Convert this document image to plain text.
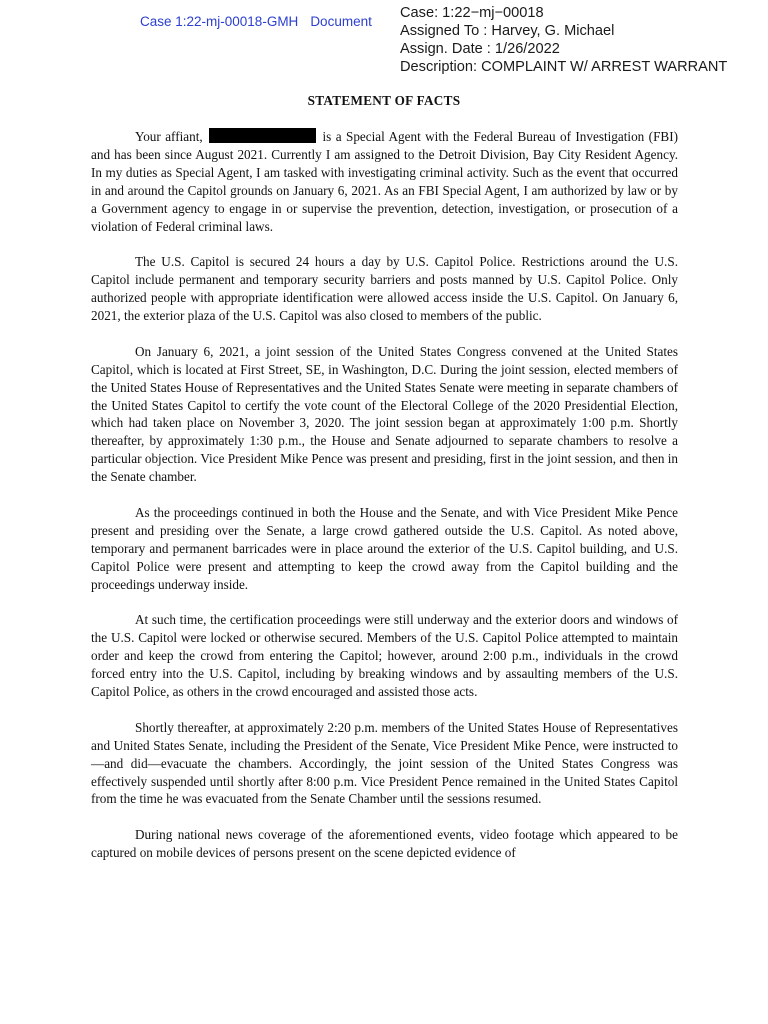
Case 1:22-mj-00018-GMH Document
Case: 1:22−mj−00018
Assigned To : Harvey, G. Michael
Assign. Date : 1/26/2022
Description: COMPLAINT W/ ARREST WARRANT
STATEMENT OF FACTS

Your affiant,	is a Special Agent with the Federal Bureau of Investigation (FBI) and has been since August 2021. Currently I am assigned to the Detroit Division, Bay City Resident Agency. In my duties as Special Agent, I am tasked with investigating criminal activity. Such as the event that occurred in and around the Capitol grounds on January 6, 2021. As an FBI Special Agent, I am authorized by law or by a Government agency to engage in or supervise the prevention, detection, investigation, or prosecution of a violation of Federal criminal laws.

The U.S. Capitol is secured 24 hours a day by U.S. Capitol Police. Restrictions around the U.S. Capitol include permanent and temporary security barriers and posts manned by U.S. Capitol Police. Only authorized people with appropriate identification were allowed access inside the U.S. Capitol. On January 6, 2021, the exterior plaza of the U.S. Capitol was also closed to members of the public.

On January 6, 2021, a joint session of the United States Congress convened at the United States Capitol, which is located at First Street, SE, in Washington, D.C. During the joint session, elected members of the United States House of Representatives and the United States Senate were meeting in separate chambers of the United States Capitol to certify the vote count of the Electoral College of the 2020 Presidential Election, which had taken place on November 3, 2020. The joint session began at approximately 1:00 p.m. Shortly thereafter, by approximately 1:30 p.m., the House and Senate adjourned to separate chambers to resolve a particular objection. Vice President Mike Pence was present and presiding, first in the joint session, and then in the Senate chamber.

As the proceedings continued in both the House and the Senate, and with Vice President Mike Pence present and presiding over the Senate, a large crowd gathered outside the U.S. Capitol. As noted above, temporary and permanent barricades were in place around the exterior of the U.S. Capitol building, and U.S. Capitol Police were present and attempting to keep the crowd away from the Capitol building and the proceedings underway inside.

At such time, the certification proceedings were still underway and the exterior doors and windows of the U.S. Capitol were locked or otherwise secured. Members of the U.S. Capitol Police attempted to maintain order and keep the crowd from entering the Capitol; however, around 2:00 p.m., individuals in the crowd forced entry into the U.S. Capitol, including by breaking windows and by assaulting members of the U.S. Capitol Police, as others in the crowd encouraged and assisted those acts.

Shortly thereafter, at approximately 2:20 p.m. members of the United States House of Representatives and United States Senate, including the President of the Senate, Vice President Mike Pence, were instructed to—and did—evacuate the chambers. Accordingly, the joint session of the United States Congress was effectively suspended until shortly after 8:00 p.m. Vice President Pence remained in the United States Capitol from the time he was evacuated from the Senate Chamber until the sessions resumed.

During national news coverage of the aforementioned events, video footage which appeared to be captured on mobile devices of persons present on the scene depicted evidence of
